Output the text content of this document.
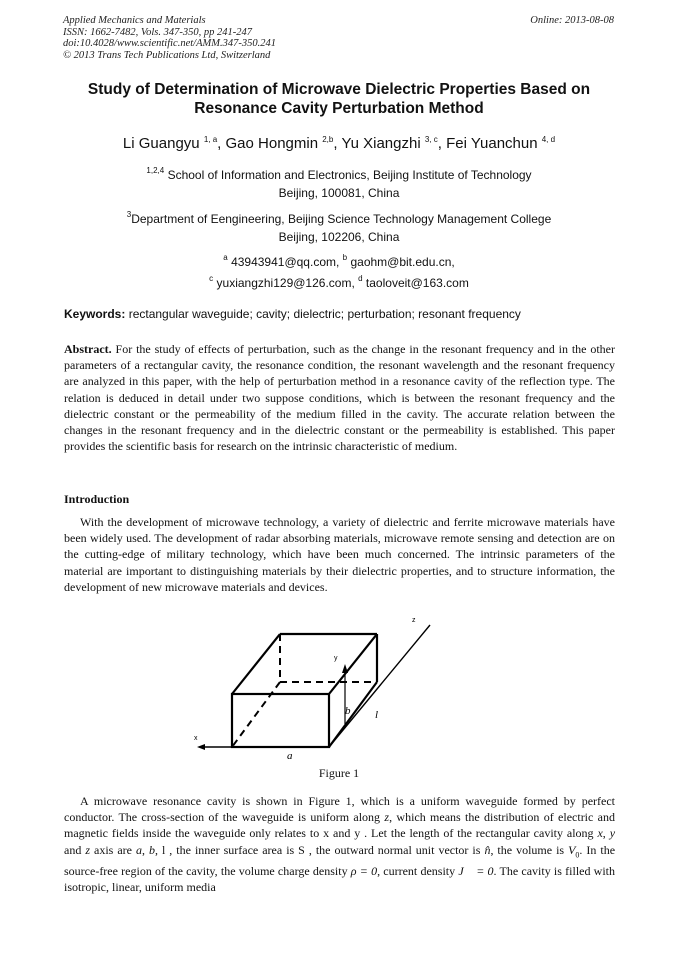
Applied Mechanics and Materials
ISSN: 1662-7482, Vols. 347-350, pp 241-247
doi:10.4028/www.scientific.net/AMM.347-350.241
© 2013 Trans Tech Publications Ltd, Switzerland
Online: 2013-08-08
Study of Determination of Microwave Dielectric Properties Based on
Resonance Cavity Perturbation Method
Li Guangyu $^{1, a}$, Gao Hongmin $^{2,b}$, Yu Xiangzhi $^{3, c}$, Fei Yuanchun $^{4, d}$
$^{1,2,4}$ School of Information and Electronics, Beijing Institute of Technology
Beijing, 100081, China
$^3$Department of Eengineering, Beijing Science Technology Management College
Beijing, 102206, China
$^a$ 43943941@qq.com, $^b$ gaohm@bit.edu.cn,
$^c$ yuxiangzhi129@126.com, $^d$ taoloveit@163.com
Keywords: rectangular waveguide; cavity; dielectric; perturbation; resonant frequency

Abstract. For the study of effects of perturbation, such as the change in the resonant frequency and in the other parameters of a rectangular cavity, the resonance condition, the resonant wavelength and the resonant frequency are analyzed in this paper, with the help of perturbation method in a resonance cavity of the reflection type. The relation is deduced in detail under two suppose conditions, which is between the resonant frequency and the dielectric constant or the permeability of the medium filled in the cavity. The accurate relation between the changes in the resonant frequency and in the dielectric constant or the permeability is established. This paper provides the scientific basis for research on the intrinsic characteristic of medium.

Introduction

With the development of microwave technology, a variety of dielectric and ferrite microwave materials have been widely used. The development of radar absorbing materials, microwave remote sensing and detection are on the cutting-edge of military technology, which have been much concerned. The intrinsic parameters of the material are important to distinguishing materials by their dielectric properties, and to structure information, the development of new microwave materials and devices.

z
y
x
b l
a
Figure 1

A microwave resonance cavity is shown in Figure 1, which is a uniform waveguide formed by perfect conductor. The cross-section of the waveguide is uniform along z, which means the distribution of electric and magnetic fields inside the waveguide only relates to x and y . Let the length of the rectangular cavity along x, y and z axis are a, b, l , the inner surface area is S , the outward normal unit vector is n̂, the volume is $V_0$. In the source-free region of the cavity, the volume charge density ρ = 0, current density J⃗ = 0. The cavity is filled with isotropic, linear, uniform media
